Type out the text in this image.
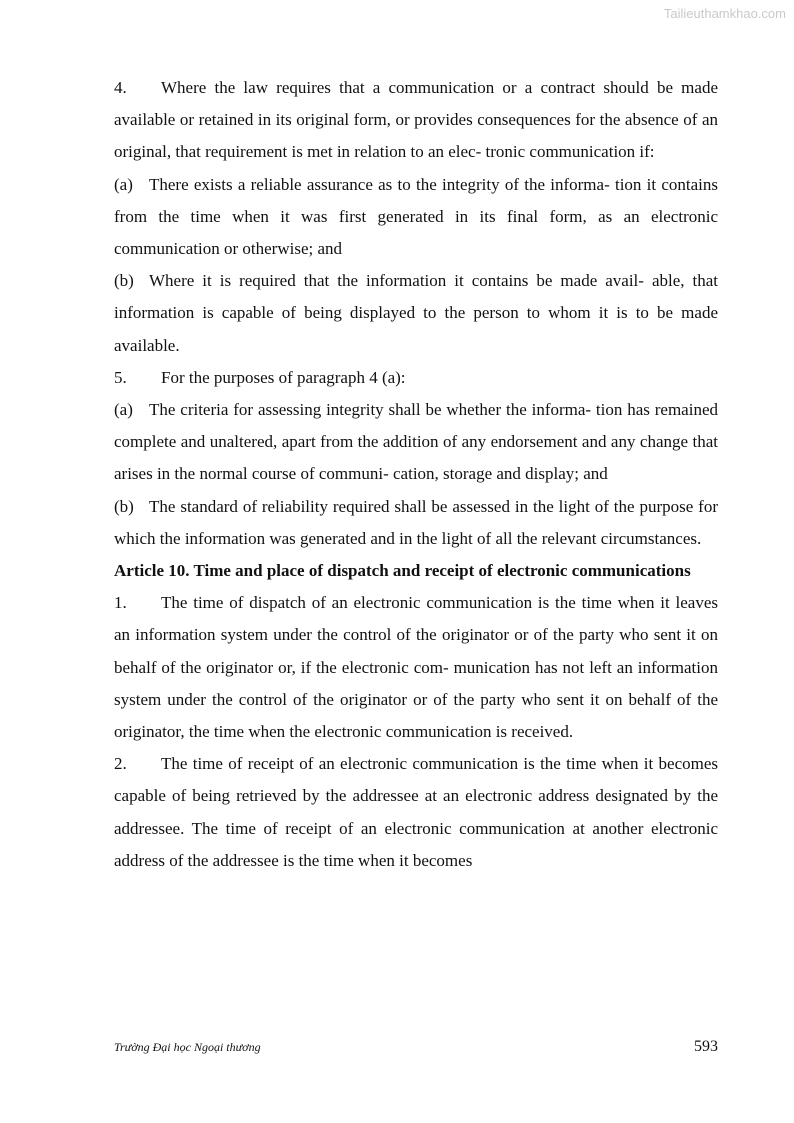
Tailieuthamkhao.com

4. Where the law requires that a communication or a contract should be made available or retained in its original form, or provides consequences for the absence of an original, that requirement is met in relation to an elec- tronic communication if:

(a) There exists a reliable assurance as to the integrity of the informa- tion it contains from the time when it was first generated in its final form, as an electronic communication or otherwise; and

(b) Where it is required that the information it contains be made avail- able, that information is capable of being displayed to the person to whom it is to be made available.

5. For the purposes of paragraph 4 (a):

(a) The criteria for assessing integrity shall be whether the informa- tion has remained complete and unaltered, apart from the addition of any endorsement and any change that arises in the normal course of communi- cation, storage and display; and

(b) The standard of reliability required shall be assessed in the light of the purpose for which the information was generated and in the light of all the relevant circumstances.

Article 10. Time and place of dispatch and receipt of electronic communications

1. The time of dispatch of an electronic communication is the time when it leaves an information system under the control of the originator or of the party who sent it on behalf of the originator or, if the electronic com- munication has not left an information system under the control of the originator or of the party who sent it on behalf of the originator, the time when the electronic communication is received.

2. The time of receipt of an electronic communication is the time when it becomes capable of being retrieved by the addressee at an electronic address designated by the addressee. The time of receipt of an electronic communication at another electronic address of the addressee is the time when it becomes

Trường Đại học Ngoại thương	593
